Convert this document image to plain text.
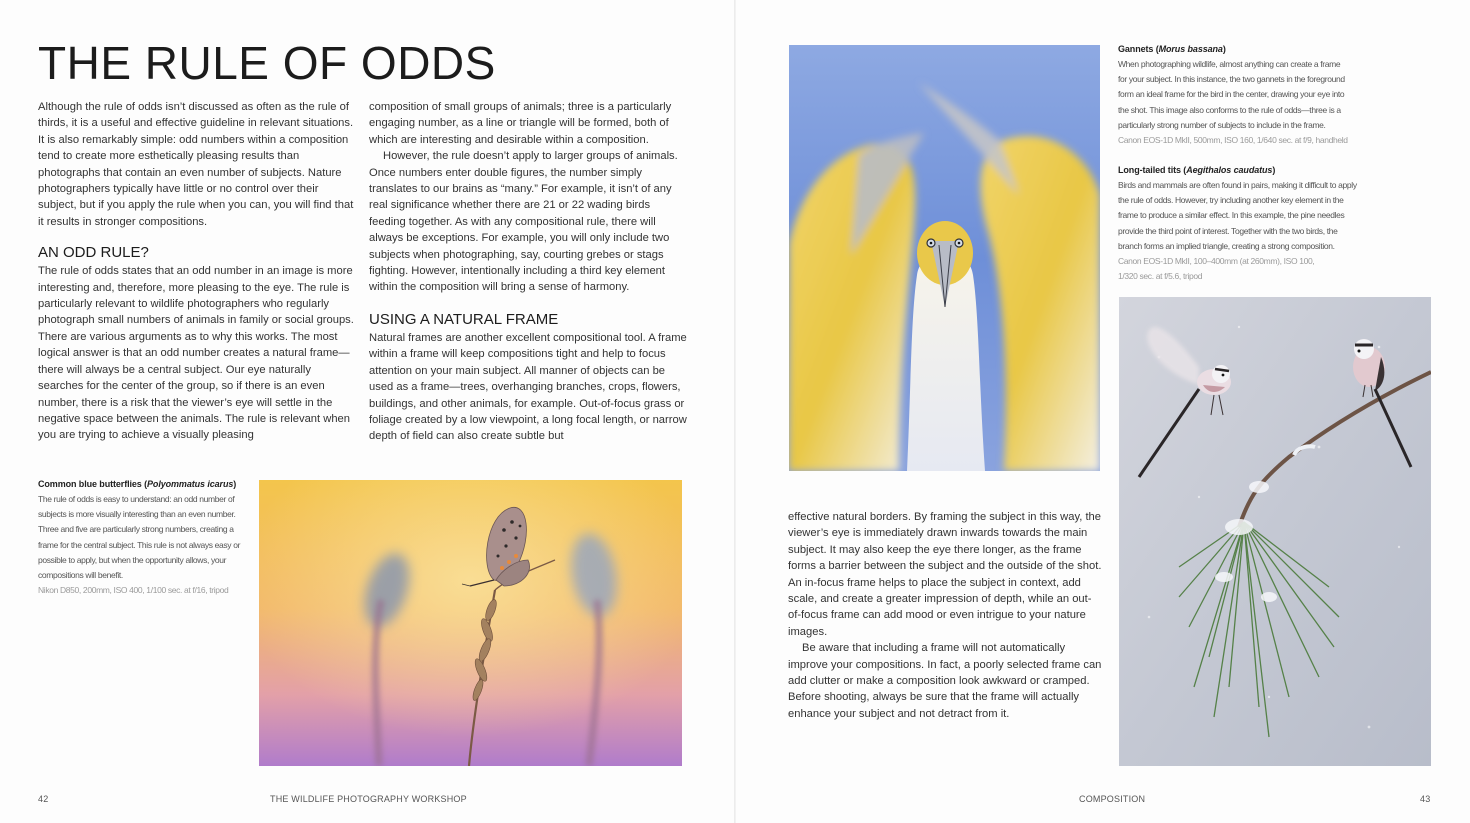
THE RULE OF ODDS

Although the rule of odds isn’t discussed as often as the rule of thirds, it is a useful and effective guideline in relevant situations. It is also remarkably simple: odd numbers within a composition tend to create more esthetically pleasing results than photographs that contain an even number of subjects. Nature photographers typically have little or no control over their subject, but if you apply the rule when you can, you will find that it results in stronger compositions.

AN ODD RULE?

The rule of odds states that an odd number in an image is more interesting and, therefore, more pleasing to the eye. The rule is particularly relevant to wildlife photographers who regularly photograph small numbers of animals in family or social groups. There are various arguments as to why this works. The most logical answer is that an odd number creates a natural frame—there will always be a central subject. Our eye naturally searches for the center of the group, so if there is an even number, there is a risk that the viewer’s eye will settle in the negative space between the animals. The rule is relevant when you are trying to achieve a visually pleasing

composition of small groups of animals; three is a particularly engaging number, as a line or triangle will be formed, both of which are interesting and desirable within a composition.

However, the rule doesn’t apply to larger groups of animals. Once numbers enter double figures, the number simply translates to our brains as “many.” For example, it isn’t of any real significance whether there are 21 or 22 wading birds feeding together. As with any compositional rule, there will always be exceptions. For example, you will only include two subjects when photographing, say, courting grebes or stags fighting. However, intentionally including a third key element within the composition will bring a sense of harmony.

USING A NATURAL FRAME

Natural frames are another excellent compositional tool. A frame within a frame will keep compositions tight and help to focus attention on your main subject. All manner of objects can be used as a frame—trees, overhanging branches, crops, flowers, buildings, and other animals, for example. Out-of-focus grass or foliage created by a low viewpoint, a long focal length, or narrow depth of field can also create subtle but

Common blue butterflies (Polyommatus icarus)
The rule of odds is easy to understand: an odd number of
subjects is more visually interesting than an even number.
Three and five are particularly strong numbers, creating a
frame for the central subject. This rule is not always easy or
possible to apply, but when the opportunity allows, your
compositions will benefit.
Nikon D850, 200mm, ISO 400, 1/100 sec. at f/16, tripod
42	THE WILDLIFE PHOTOGRAPHY WORKSHOP
Gannets (Morus bassana)
When photographing wildlife, almost anything can create a frame
for your subject. In this instance, the two gannets in the foreground
form an ideal frame for the bird in the center, drawing your eye into
the shot. This image also conforms to the rule of odds—three is a
particularly strong number of subjects to include in the frame.
Canon EOS-1D MkII, 500mm, ISO 160, 1/640 sec. at f/9, handheld
Long-tailed tits (Aegithalos caudatus)
Birds and mammals are often found in pairs, making it difficult to apply
the rule of odds. However, try including another key element in the
frame to produce a similar effect. In this example, the pine needles
provide the third point of interest. Together with the two birds, the
branch forms an implied triangle, creating a strong composition.
Canon EOS-1D MkII, 100–400mm (at 260mm), ISO 100,
1/320 sec. at f/5.6, tripod

effective natural borders. By framing the subject in this way, the viewer’s eye is immediately drawn inwards towards the main subject. It may also keep the eye there longer, as the frame forms a barrier between the subject and the outside of the shot. An in-focus frame helps to place the subject in context, add scale, and create a greater impression of depth, while an out-of-focus frame can add mood or even intrigue to your nature images.

Be aware that including a frame will not automatically improve your compositions. In fact, a poorly selected frame can add clutter or make a composition look awkward or cramped. Before shooting, always be sure that the frame will actually enhance your subject and not detract from it.

COMPOSITION	43
